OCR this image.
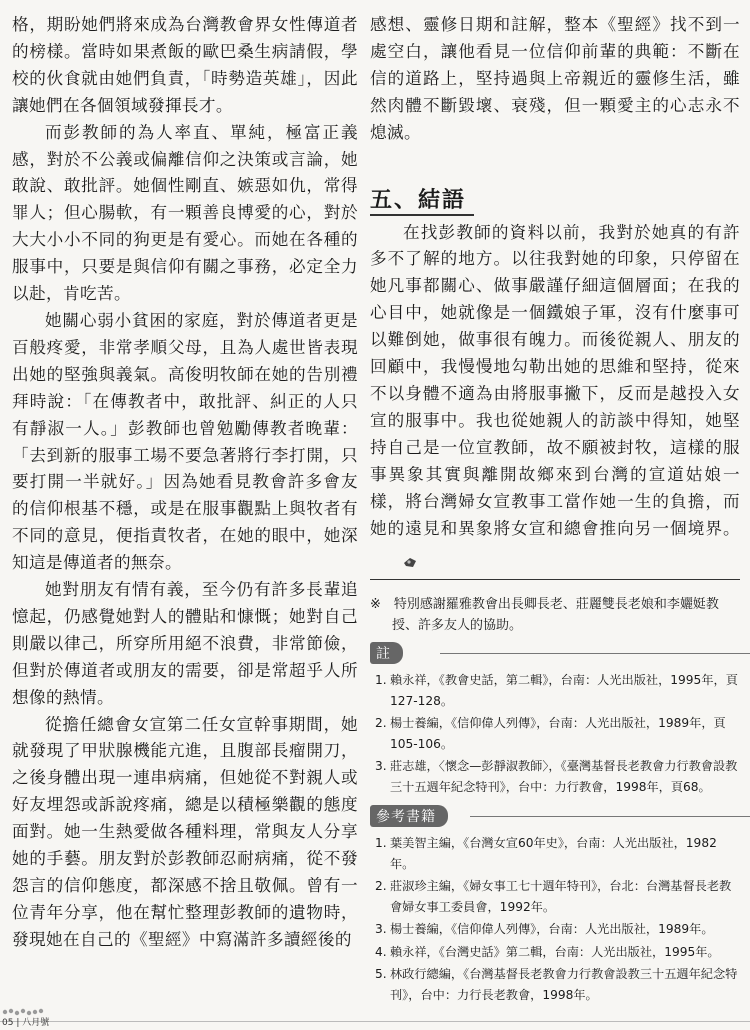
格，期盼她們將來成為台灣教會界女性傳道者的榜樣。當時如果煮飯的歐巴桑生病請假，學校的伙食就由她們負責，「時勢造英雄」，因此讓她們在各個領域發揮長才。

而彭教師的為人率直、單純，極富正義感，對於不公義或偏離信仰之決策或言論，她敢說、敢批評。她個性剛直、嫉惡如仇，常得罪人；但心腸軟，有一顆善良博愛的心，對於大大小小不同的狗更是有愛心。而她在各種的服事中，只要是與信仰有關之事務，必定全力以赴，肯吃苦。

她關心弱小貧困的家庭，對於傳道者更是百般疼愛，非常孝順父母，且為人處世皆表現出她的堅強與義氣。高俊明牧師在她的告別禮拜時說：「在傳教者中，敢批評、糾正的人只有靜淑一人。」彭教師也曾勉勵傳教者晚輩：「去到新的服事工場不要急著將行李打開，只要打開一半就好。」因為她看見教會許多會友的信仰根基不穩，或是在服事觀點上與牧者有不同的意見，便指責牧者，在她的眼中，她深知這是傳道者的無奈。

她對朋友有情有義，至今仍有許多長輩追憶起，仍感覺她對人的體貼和慷慨；她對自己則嚴以律己，所穿所用絕不浪費，非常節儉，但對於傳道者或朋友的需要，卻是常超乎人所想像的熱情。

從擔任總會女宣第二任女宣幹事期間，她就發現了甲狀腺機能亢進，且腹部長瘤開刀，之後身體出現一連串病痛，但她從不對親人或好友埋怨或訴說疼痛，總是以積極樂觀的態度面對。她一生熱愛做各種料理，常與友人分享她的手藝。朋友對於彭教師忍耐病痛，從不發怨言的信仰態度，都深感不捨且敬佩。曾有一位青年分享，他在幫忙整理彭教師的遺物時，發現她在自己的《聖經》中寫滿許多讀經後的

感想、靈修日期和註解，整本《聖經》找不到一處空白，讓他看見一位信仰前輩的典範：不斷在信的道路上，堅持過與上帝親近的靈修生活，雖然肉體不斷毀壞、衰殘，但一顆愛主的心志永不熄滅。

五、結語

在找彭教師的資料以前，我對於她真的有許多不了解的地方。以往我對她的印象，只停留在她凡事都關心、做事嚴謹仔細這個層面；在我的心目中，她就像是一個鐵娘子軍，沒有什麼事可以難倒她，做事很有魄力。而後從親人、朋友的回顧中，我慢慢地勾勒出她的思維和堅持，從來不以身體不適為由將服事撇下，反而是越投入女宣的服事中。我也從她親人的訪談中得知，她堅持自己是一位宣教師，故不願被封牧，這樣的服事異象其實與離開故鄉來到台灣的宣道姑娘一樣，將台灣婦女宣教事工當作她一生的負擔，而她的遠見和異象將女宣和總會推向另一個境界。

※　特別感謝羅雅教會出長卿長老、莊麗雙長老娘和李孋娗教授、許多友人的協助。

註
1. 賴永祥，《教會史話，第二輯》，台南：人光出版社，1995年，頁127-128。
2. 楊士養編，《信仰偉人列傳》，台南：人光出版社，1989年，頁105-106。
3. 莊志雄，〈懷念—彭靜淑教師〉，《臺灣基督長老教會力行教會設教三十五週年紀念特刊》，台中：力行教會，1998年，頁68。
參考書籍
1. 葉美智主編，《台灣女宣60年史》，台南：人光出版社，1982年。
2. 莊淑珍主編，《婦女事工七十週年特刊》，台北：台灣基督長老教會婦女事工委員會，1992年。
3. 楊士養編，《信仰偉人列傳》，台南：人光出版社，1989年。
4. 賴永祥，《台灣史話》第二輯，台南：人光出版社，1995年。
5. 林政行總編，《台灣基督長老教會力行教會設教三十五週年紀念特刊》，台中：力行長老教會，1998年。
05 | 八月號
